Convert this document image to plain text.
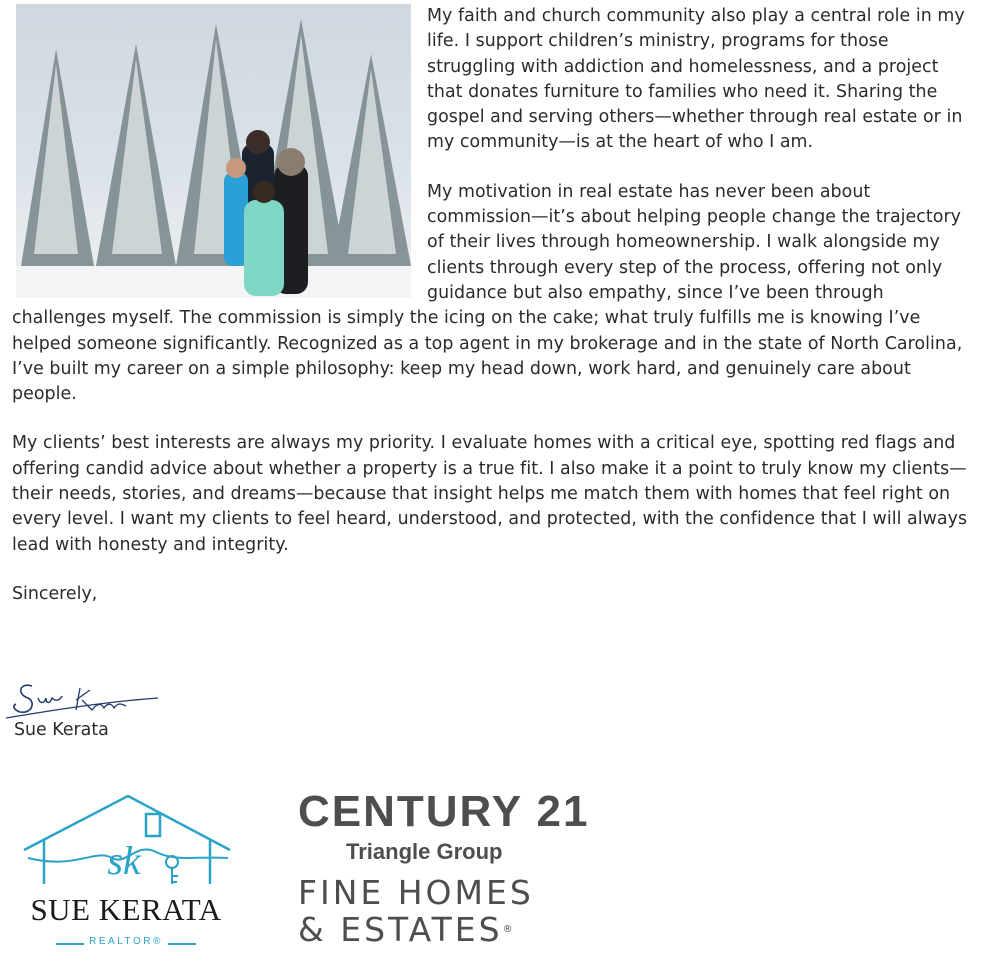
My faith and church community also play a central role in my life. I support children’s ministry, programs for those struggling with addiction and homelessness, and a project that donates furniture to families who need it. Sharing the gospel and serving others—whether through real estate or in my community—is at the heart of who I am.

My motivation in real estate has never been about commission—it’s about helping people change the trajectory of their lives through homeownership. I walk alongside my clients through every step of the process, offering not only guidance but also empathy, since I’ve been through challenges myself. The commission is simply the icing on the cake; what truly fulfills me is knowing I’ve helped someone significantly. Recognized as a top agent in my brokerage and in the state of North Carolina, I’ve built my career on a simple philosophy: keep my head down, work hard, and genuinely care about people.

My clients’ best interests are always my priority. I evaluate homes with a critical eye, spotting red flags and offering candid advice about whether a property is a true fit. I also make it a point to truly know my clients—their needs, stories, and dreams—because that insight helps me match them with homes that feel right on every level. I want my clients to feel heard, understood, and protected, with the confidence that I will always lead with honesty and integrity.

Sincerely,

Sue Kerata
sk
SUE KERATA
REALTOR®
CENTURY 21
Triangle Group
FINE HOMES
& ESTATES®
